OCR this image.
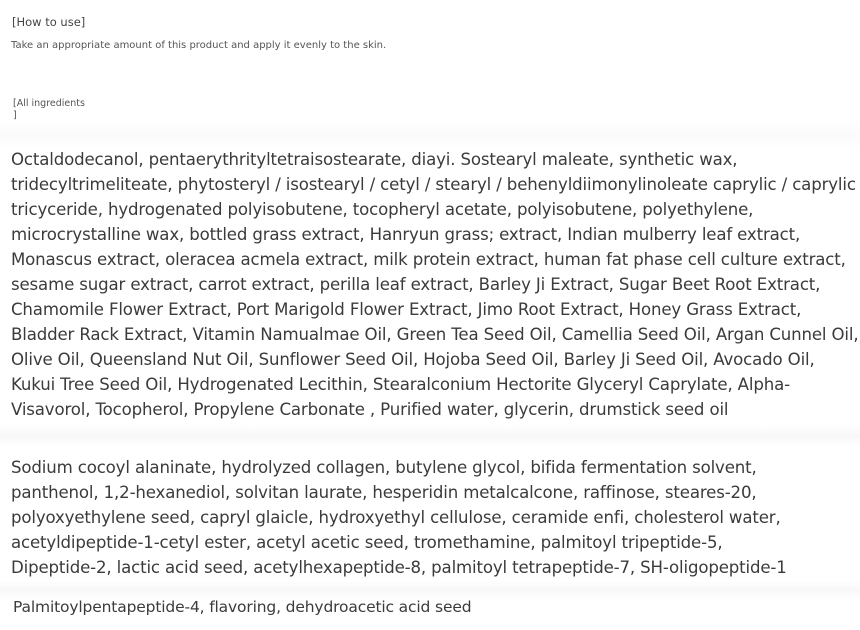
[How to use]

Take an appropriate amount of this product and apply it evenly to the skin.

[All ingredients
]

Octaldodecanol, pentaerythrityltetraisostearate, diayi. Sostearyl maleate, synthetic wax,
tridecyltrimeliteate, phytosteryl / isostearyl / cetyl / stearyl / behenyldiimonylinoleate caprylic / caprylic
tricyceride, hydrogenated polyisobutene, tocopheryl acetate, polyisobutene, polyethylene,
microcrystalline wax, bottled grass extract, Hanryun grass; extract, Indian mulberry leaf extract,
Monascus extract, oleracea acmela extract, milk protein extract, human fat phase cell culture extract,
sesame sugar extract, carrot extract, perilla leaf extract, Barley Ji Extract, Sugar Beet Root Extract,
Chamomile Flower Extract, Port Marigold Flower Extract, Jimo Root Extract, Honey Grass Extract,
Bladder Rack Extract, Vitamin Namualmae Oil, Green Tea Seed Oil, Camellia Seed Oil, Argan Cunnel Oil,
Olive Oil, Queensland Nut Oil, Sunflower Seed Oil, Hojoba Seed Oil, Barley Ji Seed Oil, Avocado Oil,
Kukui Tree Seed Oil, Hydrogenated Lecithin, Stearalconium Hectorite Glyceryl Caprylate, Alpha-
Visavorol, Tocopherol, Propylene Carbonate , Purified water, glycerin, drumstick seed oil

Sodium cocoyl alaninate, hydrolyzed collagen, butylene glycol, bifida fermentation solvent,
panthenol, 1,2-hexanediol, solvitan laurate, hesperidin metalcalcone, raffinose, steares-20,
polyoxyethylene seed, capryl glaicle, hydroxyethyl cellulose, ceramide enfi, cholesterol water,
acetyldipeptide-1-cetyl ester, acetyl acetic seed, tromethamine, palmitoyl tripeptide-5,
Dipeptide-2, lactic acid seed, acetylhexapeptide-8, palmitoyl tetrapeptide-7, SH-oligopeptide-1

Palmitoylpentapeptide-4, flavoring, dehydroacetic acid seed
